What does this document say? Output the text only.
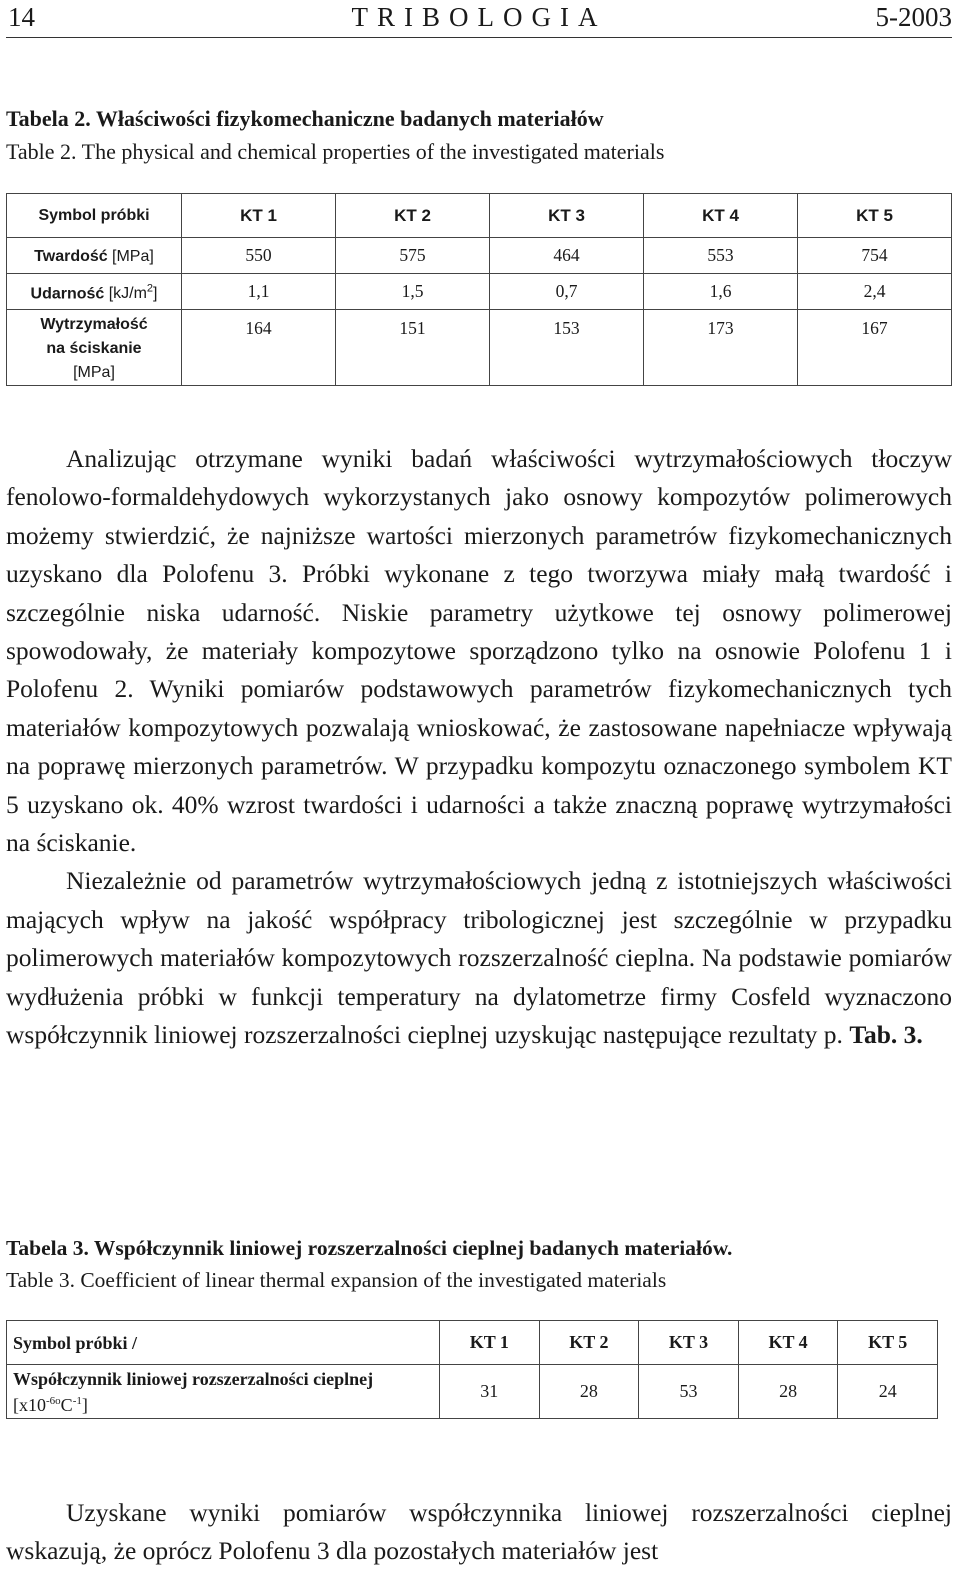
14	TRIBOLOGIA	5-2003
Tabela 2. Właściwości fizykomechaniczne badanych materiałów
Table 2. The physical and chemical properties of the investigated materials
Symbol próbki	KT 1	KT 2	KT 3	KT 4	KT 5
Twardość [MPa]	550	575	464	553	754
Udarność $[kJ/m^2]$	1,1	1,5	0,7	1,6	2,4
Wytrzymałość
na ściskanie
[MPa]	164	151	153	173	167

Analizując otrzymane wyniki badań właściwości wytrzymałościowych tłoczyw fenolowo-formaldehydowych wykorzystanych jako osnowy kompozytów polimerowych możemy stwierdzić, że najniższe wartości mierzonych parametrów fizykomechanicznych uzyskano dla Polofenu 3. Próbki wykonane z tego tworzywa miały małą twardość i szczególnie niska udarność. Niskie parametry użytkowe tej osnowy polimerowej spowodowały, że materiały kompozytowe sporządzono tylko na osnowie Polofenu 1 i Polofenu 2. Wyniki pomiarów podstawowych parametrów fizykomechanicznych tych materiałów kompozytowych pozwalają wnioskować, że zastosowane napełniacze wpływają na poprawę mierzonych parametrów. W przypadku kompozytu oznaczonego symbolem KT 5 uzyskano ok. 40% wzrost twardości i udarności a także znaczną poprawę wytrzymałości na ściskanie.

Niezależnie od parametrów wytrzymałościowych jedną z istotniejszych właściwości mających wpływ na jakość współpracy tribologicznej jest szczególnie w przypadku polimerowych materiałów kompozytowych rozszerzalność cieplna. Na podstawie pomiarów wydłużenia próbki w funkcji temperatury na dylatometrze firmy Cosfeld wyznaczono współczynnik liniowej rozszerzalności cieplnej uzyskując następujące rezultaty p. Tab. 3.

Tabela 3. Współczynnik liniowej rozszerzalności cieplnej badanych materiałów.
Table 3. Coefficient of linear thermal expansion of the investigated materials
Symbol próbki /	KT 1	KT 2	KT 3	KT 4	KT 5
Współczynnik liniowej rozszerzalności cieplnej
$[x10^{-6o}C^{-1}]$	31	28	53	28	24

Uzyskane wyniki pomiarów współczynnika liniowej rozszerzalności cieplnej wskazują, że oprócz Polofenu 3 dla pozostałych materiałów jest
